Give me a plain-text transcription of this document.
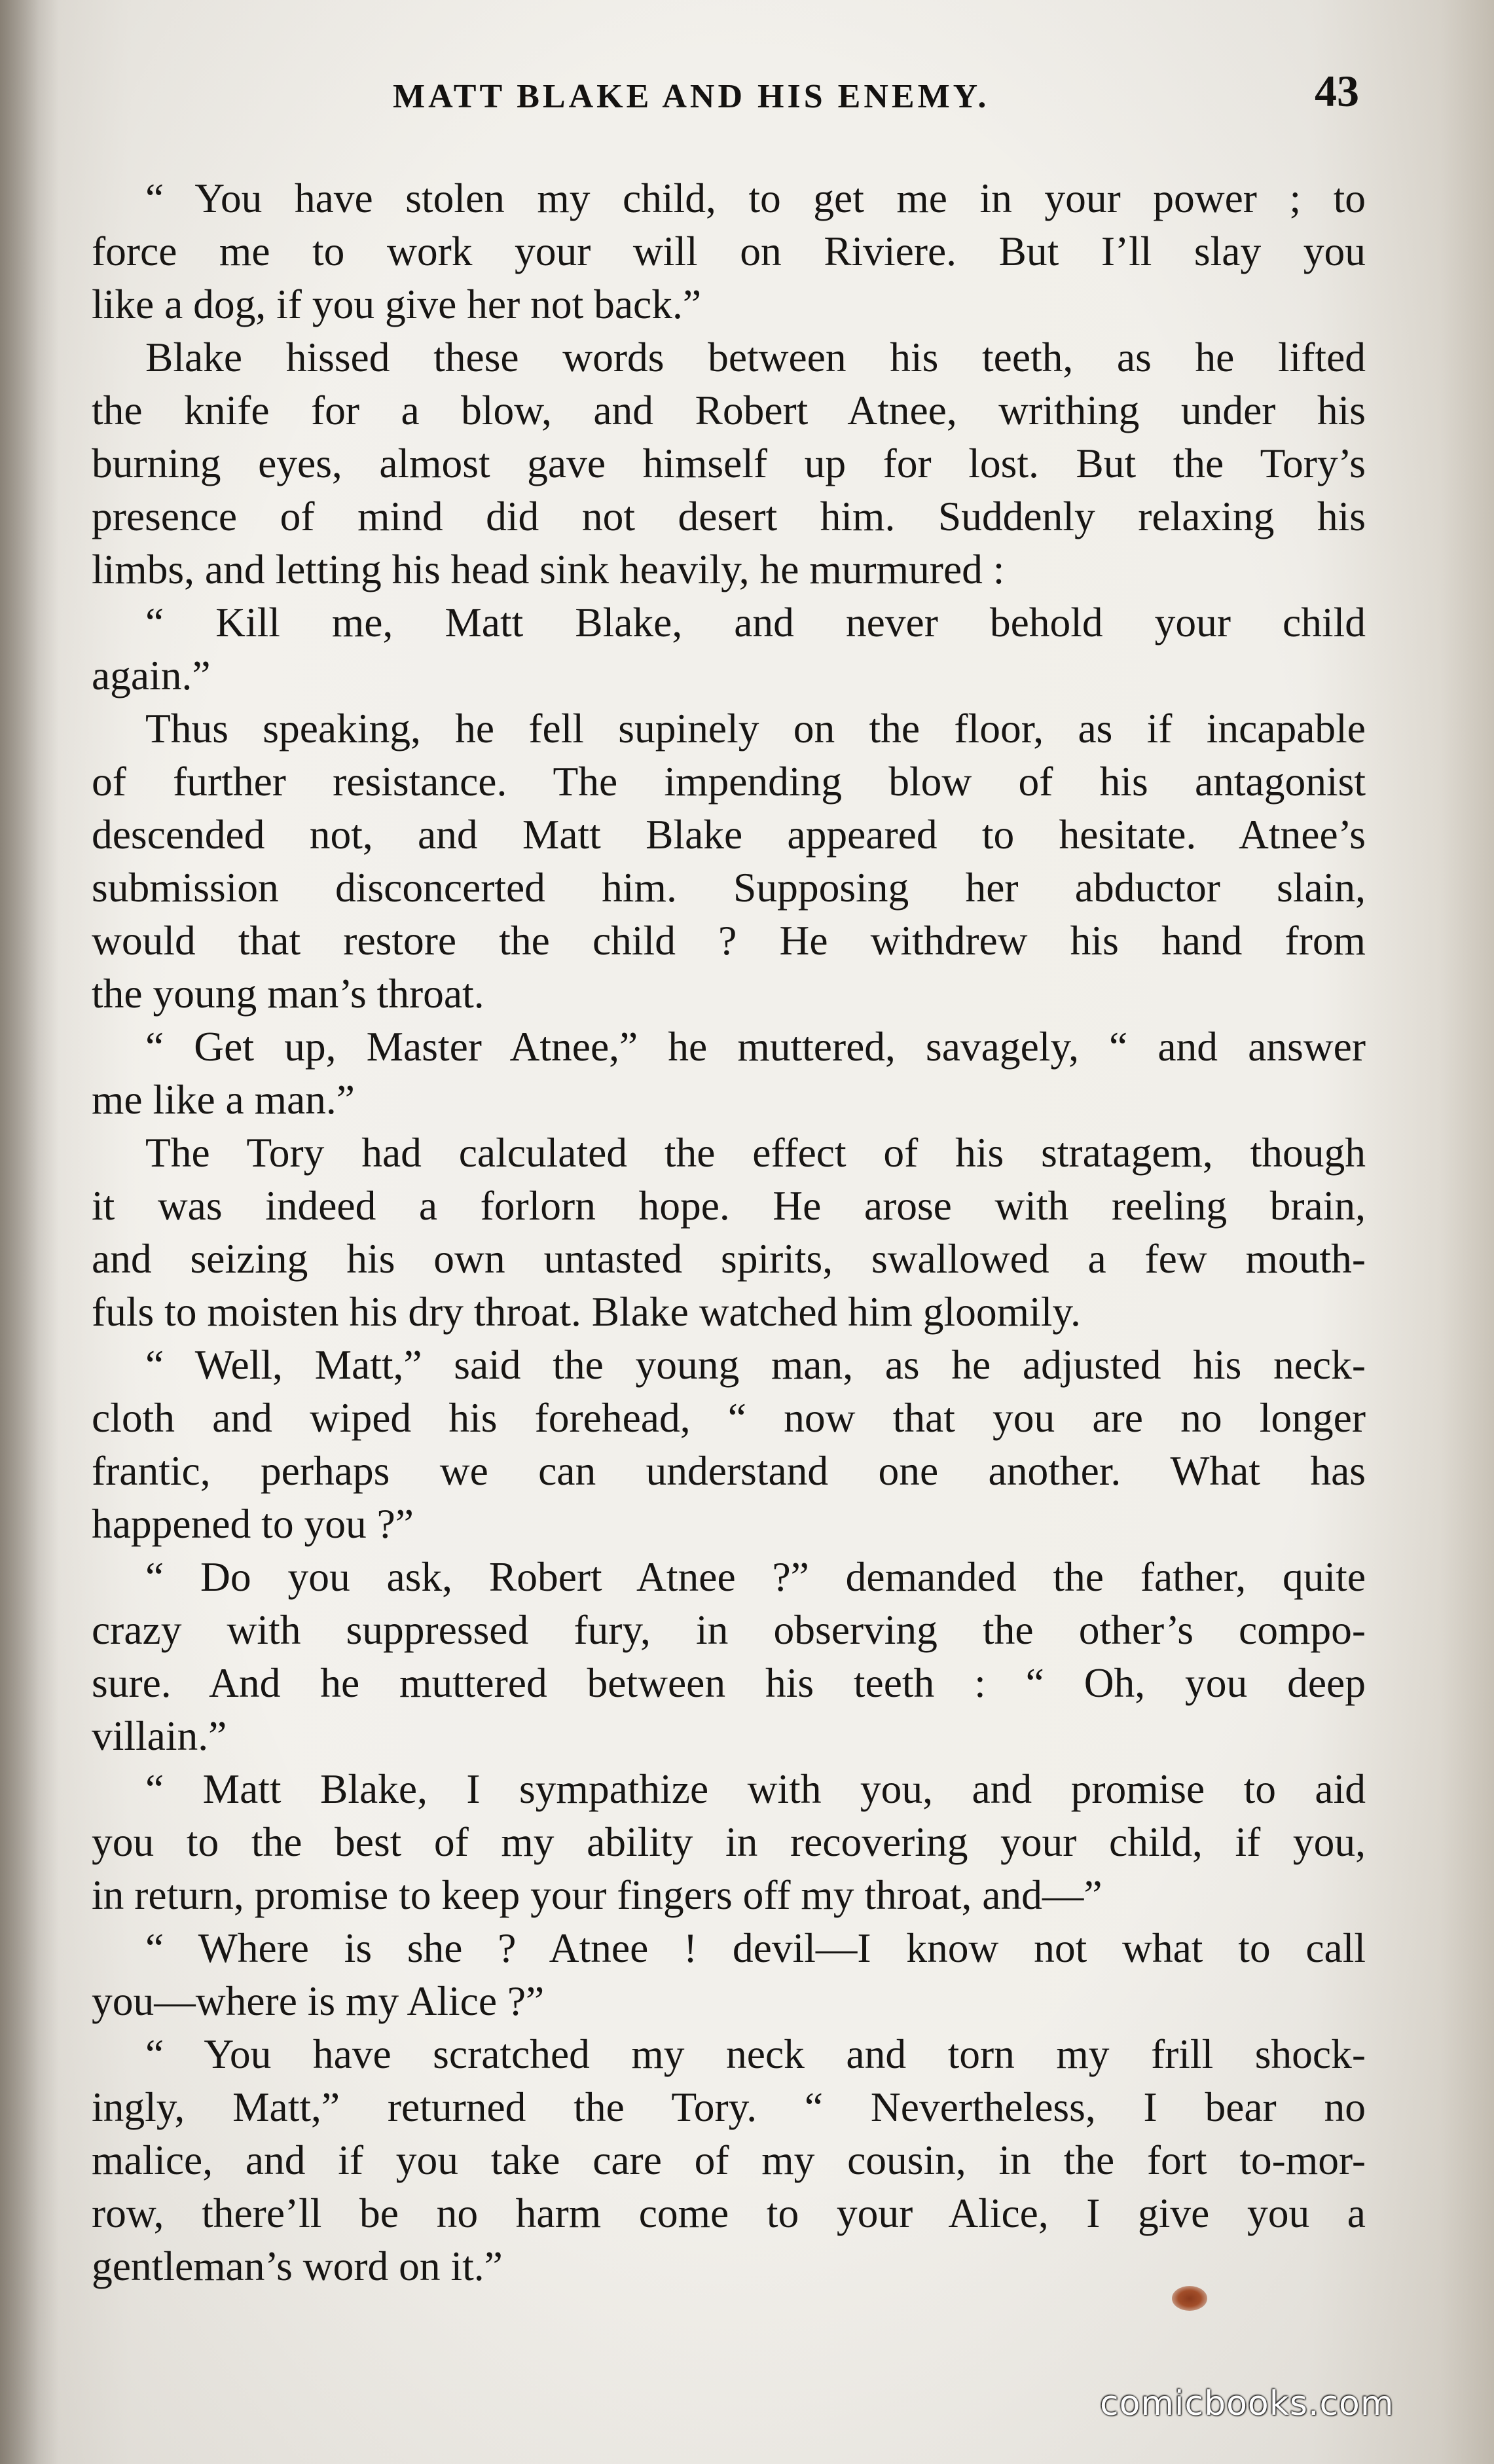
MATT BLAKE AND HIS ENEMY.	43
“ You have stolen my child, to get me in your power ; to
force me to work your will on Riviere. But I’ll slay you
like a dog, if you give her not back.”
Blake hissed these words between his teeth, as he lifted
the knife for a blow, and Robert Atnee, writhing under his
burning eyes, almost gave himself up for lost. But the Tory’s
presence of mind did not desert him. Suddenly relaxing his
limbs, and letting his head sink heavily, he murmured :
“ Kill me, Matt Blake, and never behold your child
again.”
Thus speaking, he fell supinely on the floor, as if incapable
of further resistance. The impending blow of his antagonist
descended not, and Matt Blake appeared to hesitate. Atnee’s
submission disconcerted him. Supposing her abductor slain,
would that restore the child ? He withdrew his hand from
the young man’s throat.
“ Get up, Master Atnee,” he muttered, savagely, “ and answer
me like a man.”
The Tory had calculated the effect of his stratagem, though
it was indeed a forlorn hope. He arose with reeling brain,
and seizing his own untasted spirits, swallowed a few mouth-
fuls to moisten his dry throat. Blake watched him gloomily.
“ Well, Matt,” said the young man, as he adjusted his neck-
cloth and wiped his forehead, “ now that you are no longer
frantic, perhaps we can understand one another. What has
happened to you ?”
“ Do you ask, Robert Atnee ?” demanded the father, quite
crazy with suppressed fury, in observing the other’s compo-
sure. And he muttered between his teeth : “ Oh, you deep
villain.”
“ Matt Blake, I sympathize with you, and promise to aid
you to the best of my ability in recovering your child, if you,
in return, promise to keep your fingers off my throat, and—”
“ Where is she ? Atnee ! devil—I know not what to call
you—where is my Alice ?”
“ You have scratched my neck and torn my frill shock-
ingly, Matt,” returned the Tory. “ Nevertheless, I bear no
malice, and if you take care of my cousin, in the fort to-mor-
row, there’ll be no harm come to your Alice, I give you a
gentleman’s word on it.”
comicbooks.com
